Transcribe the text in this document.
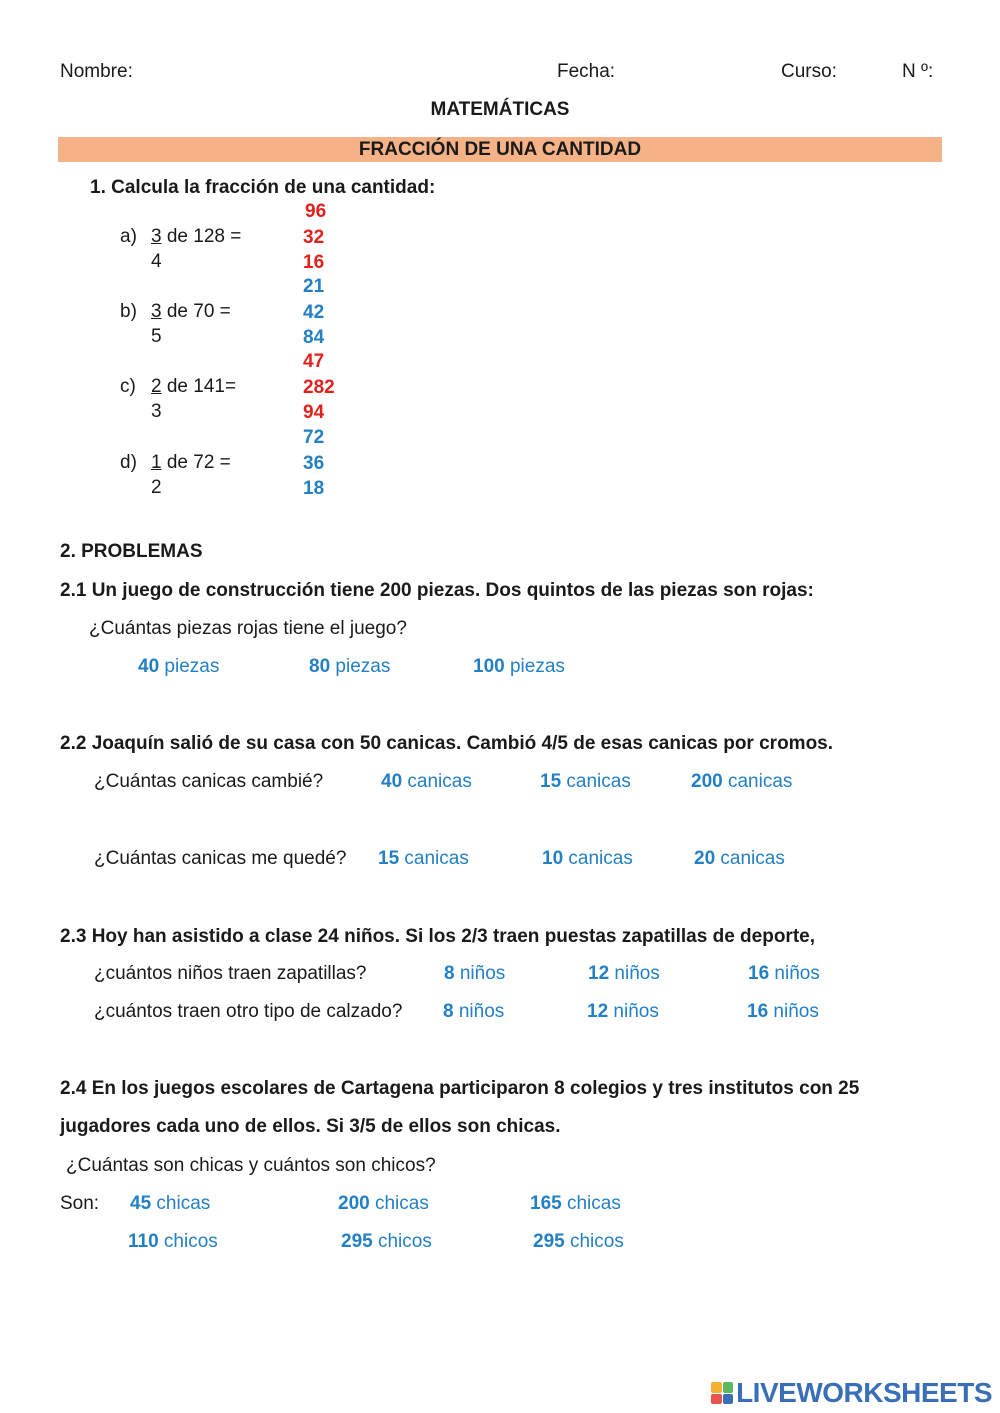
Nombre:	Fecha:	Curso:	N º:
MATEMÁTICAS
FRACCIÓN DE UNA CANTIDAD
1. Calcula la fracción de una cantidad:
a) 3 de 128 =
4
96
32
16
b) 3 de 70 =
5
21
42
84
c) 2 de 141=
3
47
282
94
d) 1 de 72 =
2
72
36
18
2. PROBLEMAS
2.1 Un juego de construcción tiene 200 piezas. Dos quintos de las piezas son rojas:
¿Cuántas piezas rojas tiene el juego?
40 piezas	80 piezas	100 piezas
2.2 Joaquín salió de su casa con 50 canicas. Cambió 4/5 de esas canicas por cromos.
¿Cuántas canicas cambié?	40 canicas	15 canicas	200 canicas
¿Cuántas canicas me quedé? 15 canicas	10 canicas	20 canicas
2.3 Hoy han asistido a clase 24 niños. Si los 2/3 traen puestas zapatillas de deporte,
¿cuántos niños traen zapatillas?	8 niños	12 niños	16 niños
¿cuántos traen otro tipo de calzado? 8 niños	12 niños	16 niños
2.4 En los juegos escolares de Cartagena participaron 8 colegios y tres institutos con 25
jugadores cada uno de ellos. Si 3/5 de ellos son chicas.
¿Cuántas son chicas y cuántos son chicos?
Son: 45 chicas	200 chicas	165 chicas
110 chicos	295 chicos	295 chicos
LIVEWORKSHEETS
